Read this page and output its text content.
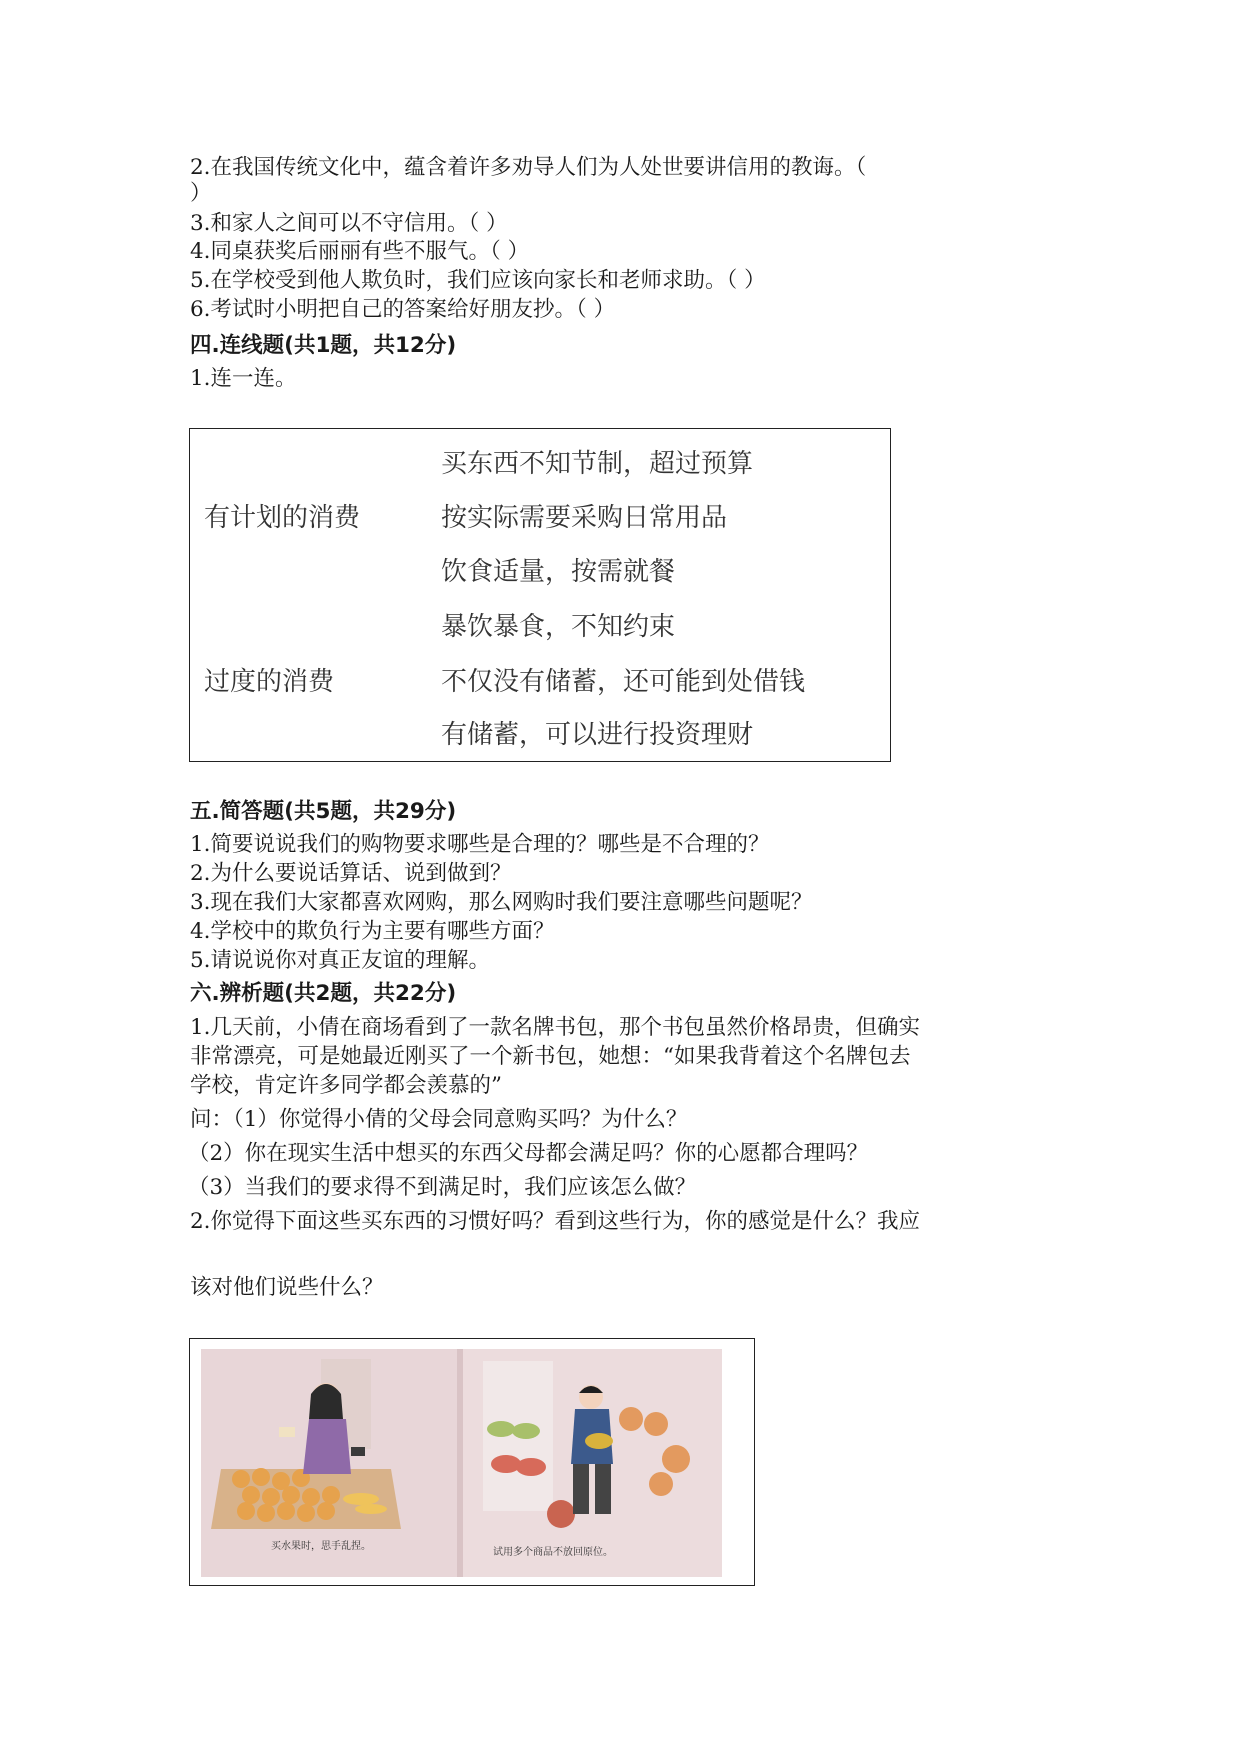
2.在我国传统文化中，蕴含着许多劝导人们为人处世要讲信用的教诲。（
）
3.和家人之间可以不守信用。（ ）
4.同桌获奖后丽丽有些不服气。（ ）
5.在学校受到他人欺负时，我们应该向家长和老师求助。（ ）
6.考试时小明把自己的答案给好朋友抄。（ ）
四.连线题(共1题，共12分)
1.连一连。
有计划的消费
过度的消费
买东西不知节制，超过预算
按实际需要采购日常用品
饮食适量，按需就餐
暴饮暴食，不知约束
不仅没有储蓄，还可能到处借钱
有储蓄，可以进行投资理财
五.简答题(共5题，共29分)
1.简要说说我们的购物要求哪些是合理的？哪些是不合理的？
2.为什么要说话算话、说到做到？
3.现在我们大家都喜欢网购，那么网购时我们要注意哪些问题呢？
4.学校中的欺负行为主要有哪些方面？
5.请说说你对真正友谊的理解。
六.辨析题(共2题，共22分)
1.几天前，小倩在商场看到了一款名牌书包，那个书包虽然价格昂贵，但确实
非常漂亮，可是她最近刚买了一个新书包，她想：“如果我背着这个名牌包去
学校，肯定许多同学都会羡慕的”
问：（1）你觉得小倩的父母会同意购买吗？为什么？
（2）你在现实生活中想买的东西父母都会满足吗？你的心愿都合理吗？
（3）当我们的要求得不到满足时，我们应该怎么做？
2.你觉得下面这些买东西的习惯好吗？看到这些行为，你的感觉是什么？我应
该对他们说些什么？
买水果时，思手乱捏。
试用多个商品不放回原位。
